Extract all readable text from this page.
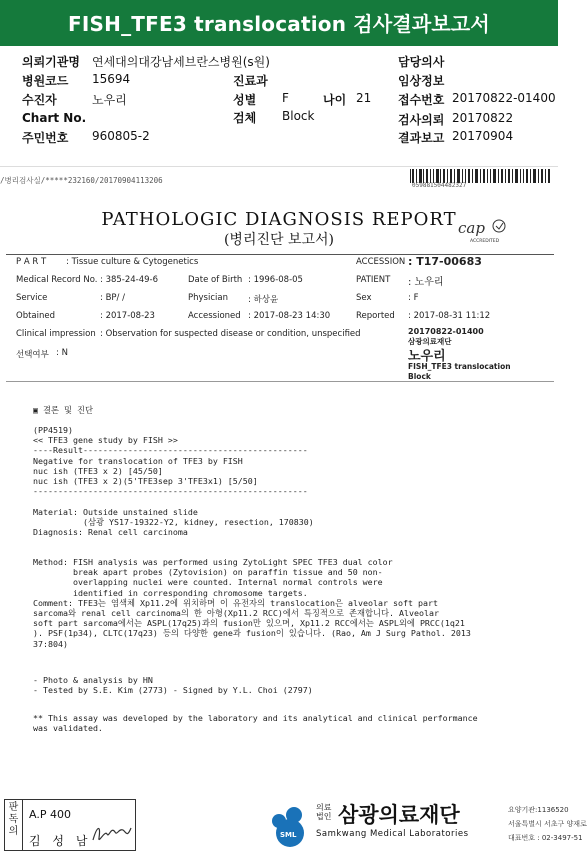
FISH_TFE3 translocation 검사결과보고서
의뢰기관명 연세대의대강남세브란스병원(s원)	담당의사
병원코드 15694	진료과	임상정보
수진자	노우리	성별 F	나이 21 접수번호 20170822-01400
Chart No.	검체 Block	검사의뢰 20170822
주민번호 960805-2	결과보고 20170904
/병리검사실/*****232160/20170904113206
059881504482327
PATHOLOGIC DIAGNOSIS REPORT
(병리진단 보고서)
cap
ACCREDITED
P A R T : Tissue culture & Cytogenetics	ACCESSION : T17-00683
Medical Record No. : 385-24-49-6	Date of Birth : 1996-08-05	PATIENT : 노우리
Service	: BP/ /	Physician : 하상윤	Sex	: F
Obtained	: 2017-08-23	Accessioned : 2017-08-23 14:30	Reported : 2017-08-31 11:12
Clinical impression : Observation for suspected disease or condition, unspecified
선택여부 : N
20170822-01400
삼광의료재단
노우리
FISH_TFE3 translocation
Block
▣ 결론 및 진단
(PP4519)
<< TFE3 gene study by FISH >>
----Result---------------------------------------------
Negative for translocation of TFE3 by FISH
nuc ish (TFE3 x 2) [45/50]
nuc ish (TFE3 x 2)(5'TFE3sep 3'TFE3x1) [5/50]
-------------------------------------------------------
Material: Outside unstained slide
(삼광 YS17-19322-Y2, kidney, resection, 170830)
Diagnosis: Renal cell carcinoma
Method: FISH analysis was performed using ZytoLight SPEC TFE3 dual color
break apart probes (Zytovision) on paraffin tissue and 50 non-
overlapping nuclei were counted. Internal normal controls were
identified in corresponding chromosome targets.
Comment: TFE3는 염색체 Xp11.2에 위치하며 이 유전자의 translocation은 alveolar soft part
sarcoma와 renal cell carcinoma의 한 아형(Xp11.2 RCC)에서 특징적으로 존재합니다. Alveolar
soft part sarcoma에서는 ASPL(17q25)과의 fusion만 있으며, Xp11.2 RCC에서는 ASPL외에 PRCC(1q21
). PSF(1p34), CLTC(17q23) 등의 다양한 gene과 fusion이 있습니다. (Rao, Am J Surg Pathol. 2013
37:804)
- Photo & analysis by HN
- Tested by S.E. Kim (2773) - Signed by Y.L. Choi (2797)
** This assay was developed by the laboratory and its analytical and clinical performance
was validated.
판독의
A.P 400
김 성 남	SML
의료 법인 삼광의료재단
Samkwang Medical Laboratories
요양기관:1136520
서울특별시 서초구 양재로
대표번호 : 02-3497-51
